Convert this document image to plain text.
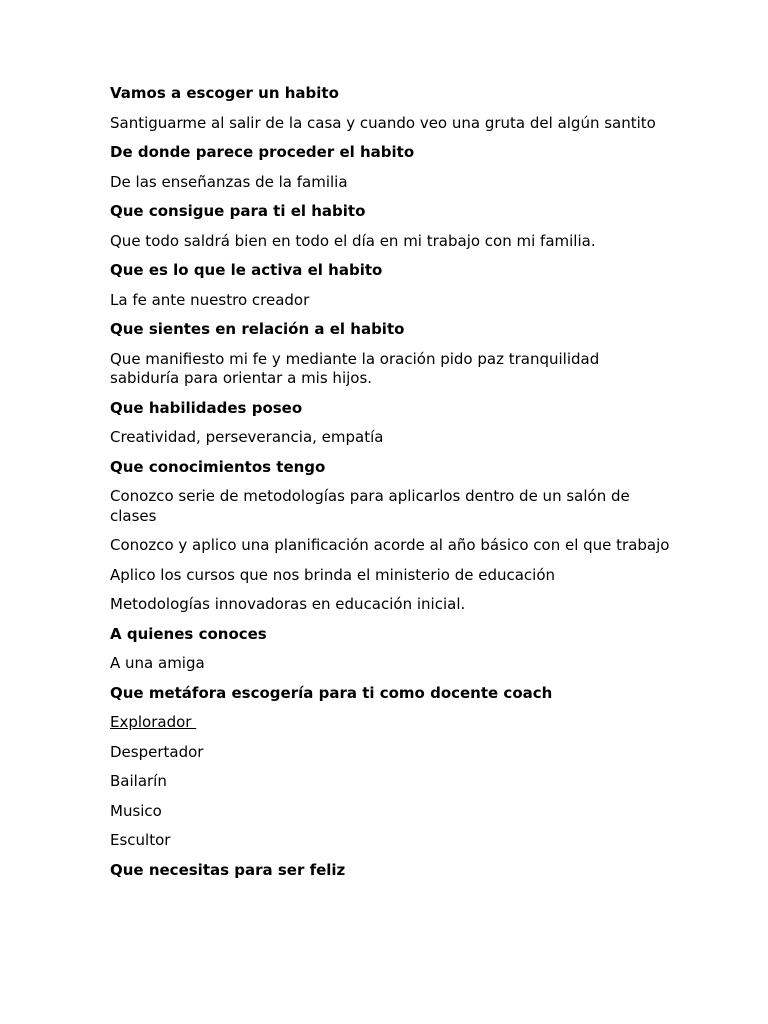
Vamos a escoger un habito

Santiguarme al salir de la casa y cuando veo una gruta del algún santito

De donde parece proceder el habito

De las enseñanzas de la familia

Que consigue para ti el habito

Que todo saldrá bien en todo el día en mi trabajo con mi familia.

Que es lo que le activa el habito

La fe ante nuestro creador

Que sientes en relación a el habito

Que manifiesto mi fe y mediante la oración pido paz tranquilidad sabiduría para orientar a mis hijos.

Que habilidades poseo

Creatividad, perseverancia, empatía

Que conocimientos tengo

Conozco serie de metodologías para aplicarlos dentro de un salón de clases

Conozco y aplico una planificación acorde al año básico con el que trabajo

Aplico los cursos que nos brinda el ministerio de educación

Metodologías innovadoras en educación inicial.

A quienes conoces

A una amiga

Que metáfora escogería para ti como docente coach

Explorador

Despertador

Bailarín

Musico

Escultor

Que necesitas para ser feliz
